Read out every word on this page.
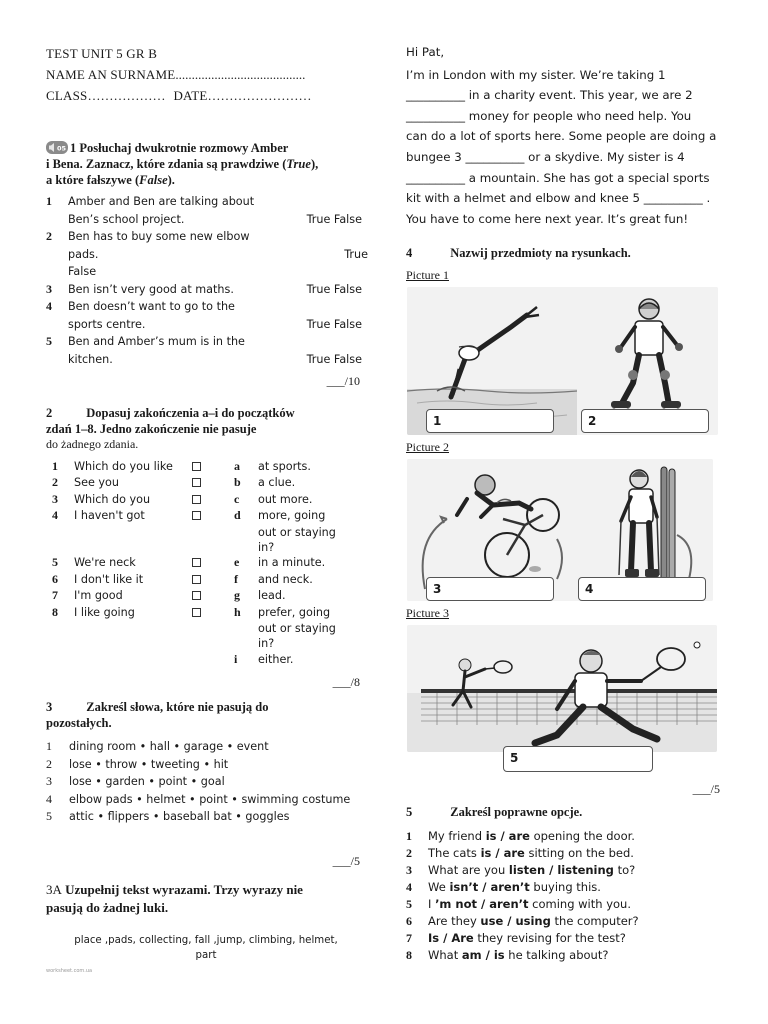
TEST UNIT 5 GR B
NAME AN SURNAME........................................
CLASS……………… DATE……………………
05 1 Posłuchaj dwukrotnie rozmowy Amber
i Bena. Zaznacz, które zdania są prawdziwe (True),
a które fałszywe (False).
1 Amber and Ben are talking about Ben’s school project.	True False
2 Ben has to buy some new elbow pads.	True
False
3 Ben isn’t very good at maths.	True False
4 Ben doesn’t want to go to the sports centre.	True False
5 Ben and Amber’s mum is in the kitchen.	True False
___/10
2	Dopasuj zakończenia a–i do początków
zdań 1–8. Jedno zakończenie nie pasuje
do żadnego zdania.
1	Which do you like	a	at sports.
2	See you	b	a clue.
3	Which do you	c	out more.
4	I haven't got	d	more, going
out or staying
in?
5	We're neck	e	in a minute.
6	I don't like it	f	and neck.
7	I'm good	g	lead.
8	I like going	h	prefer, going
out or staying
in?
i	either.
___/8
3	Zakreśl słowa, które nie pasują do
pozostałych.
1	dining room • hall • garage • event
2	lose • throw • tweeting • hit
3	lose • garden • point • goal
4	elbow pads • helmet • point • swimming costume
5	attic • flippers • baseball bat • goggles
___/5
3A Uzupełnij tekst wyrazami. Trzy wyrazy nie
pasują do żadnej luki.
place ,pads, collecting, fall ,jump, climbing, helmet,
part
worksheet.com.ua
Hi Pat,
I’m in London with my sister. We’re taking 1
__________ in a charity event. This year, we are 2
__________ money for people who need help. You
can do a lot of sports here. Some people are doing a
bungee 3 __________ or a skydive. My sister is 4
__________ a mountain. She has got a special sports
kit with a helmet and elbow and knee 5 __________ .
You have to come here next year. It’s great fun!
4	Nazwij przedmioty na rysunkach.
Picture 1
1	2
Picture 2
3	4
Picture 3
5
___/5
5	Zakreśl poprawne opcje.
1	My friend is / are opening the door.
2	The cats is / are sitting on the bed.
3	What are you listen / listening to?
4	We isn’t / aren’t buying this.
5	I ’m not / aren’t coming with you.
6	Are they use / using the computer?
7	Is / Are they revising for the test?
8	What am / is he talking about?
